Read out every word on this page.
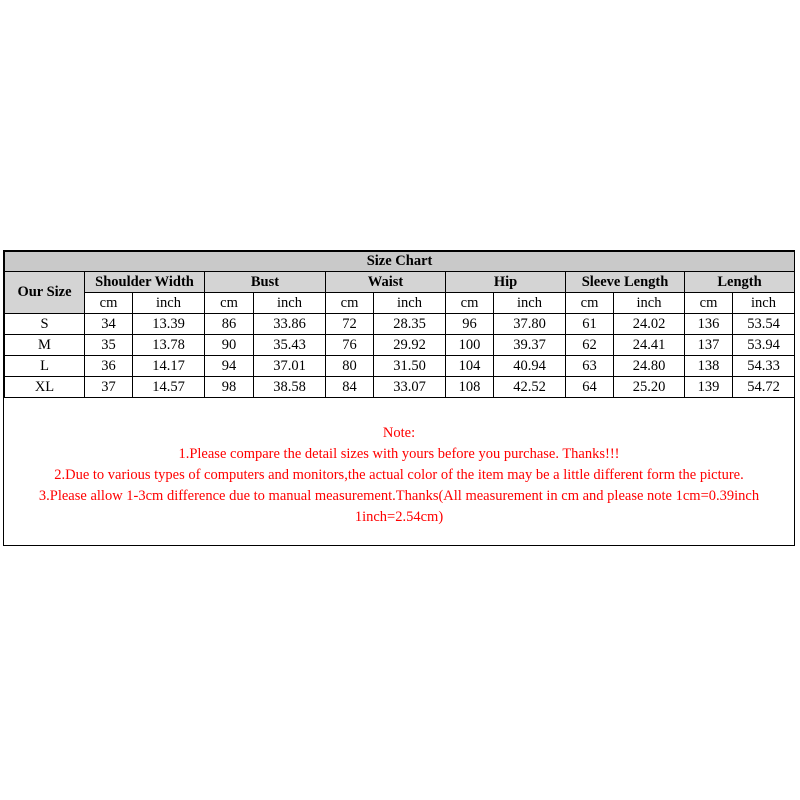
Size Chart												
Our Size	Shoulder Width		Bust		Waist		Hip		Sleeve Length		Length	
	cm	inch	cm	inch	cm	inch	cm	inch	cm	inch	cm	inch
S	34	13.39	86	33.86	72	28.35	96	37.80	61	24.02	136	53.54
M	35	13.78	90	35.43	76	29.92	100	39.37	62	24.41	137	53.94
L	36	14.17	94	37.01	80	31.50	104	40.94	63	24.80	138	54.33
XL	37	14.57	98	38.58	84	33.07	108	42.52	64	25.20	139	54.72
Note:
1.Please compare the detail sizes with yours before you purchase. Thanks!!!
2.Due to various types of computers and monitors,the actual color of the item may be a little different form the picture.
3.Please allow 1-3cm difference due to manual measurement.Thanks(All measurement in cm and please note 1cm=0.39inch
1inch=2.54cm)
